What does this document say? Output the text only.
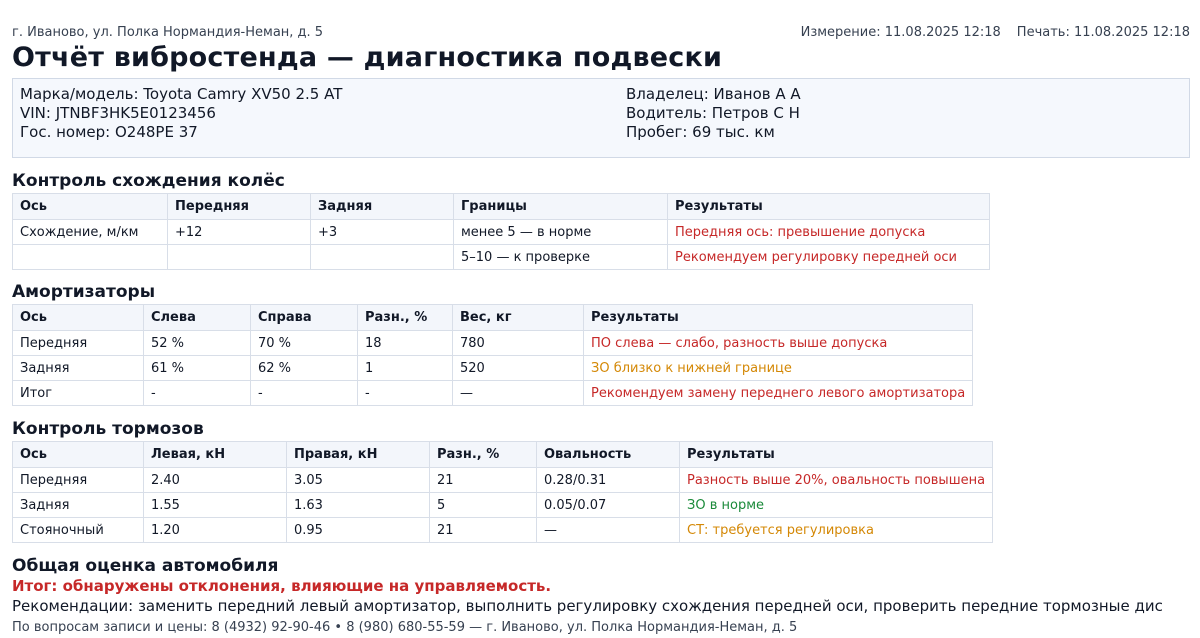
г. Иваново, ул. Полка Нормандия-Неман, д. 5	Измерение: 11.08.2025 12:18 Печать: 11.08.2025 12:18
Отчёт вибростенда — диагностика подвески
Марка/модель: Toyota Camry XV50 2.5 AT
VIN: JTNBF3HK5E0123456
Гос. номер: О248РЕ 37
Владелец: Иванов А А
Водитель: Петров С Н
Пробег: 69 тыс. км
Контроль схождения колёс
Ось	Передняя	Задняя	Границы	Результаты
Схождение, м/км	+12	+3	менее 5 — в норме	Передняя ось: превышение допуска
			5–10 — к проверке	Рекомендуем регулировку передней оси
Амортизаторы
Ось	Слева	Справа	Разн., %	Вес, кг	Результаты
Передняя	52 %	70 %	18	780	ПО слева — слабо, разность выше допуска
Задняя	61 %	62 %	1	520	ЗО близко к нижней границе
Итог	-	-	-	—	Рекомендуем замену переднего левого амортизатора
Контроль тормозов
Ось	Левая, кН	Правая, кН	Разн., %	Овальность	Результаты
Передняя	2.40	3.05	21	0.28/0.31	Разность выше 20%, овальность повышена
Задняя	1.55	1.63	5	0.05/0.07	ЗО в норме
Стояночный	1.20	0.95	21	—	СТ: требуется регулировка
Общая оценка автомобиля
Итог: обнаружены отклонения, влияющие на управляемость.
Рекомендации: заменить передний левый амортизатор, выполнить регулировку схождения передней оси, проверить передние тормозные дис
По вопросам записи и цены: 8 (4932) 92-90-46 • 8 (980) 680-55-59 — г. Иваново, ул. Полка Нормандия-Неман, д. 5
